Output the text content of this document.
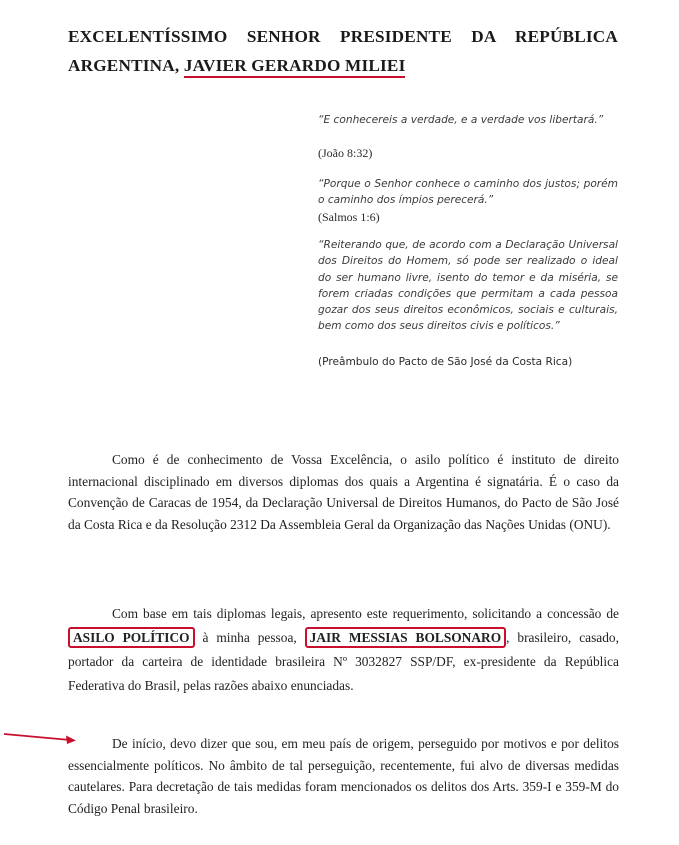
EXCELENTÍSSIMO SENHOR PRESIDENTE DA REPÚBLICA
ARGENTINA, JAVIER GERARDO MILIEI
“E conhecereis a verdade, e a verdade vos libertará.”
(João 8:32)
“Porque o Senhor conhece o caminho dos justos; porém o caminho dos ímpios perecerá.”
(Salmos 1:6)
“Reiterando que, de acordo com a Declaração Universal dos Direitos do Homem, só pode ser realizado o ideal do ser humano livre, isento do temor e da miséria, se forem criadas condições que permitam a cada pessoa gozar dos seus direitos econômicos, sociais e culturais, bem como dos seus direitos civis e políticos.”
(Preâmbulo do Pacto de São José da Costa Rica)
Como é de conhecimento de Vossa Excelência, o asilo político é instituto de direito internacional disciplinado em diversos diplomas dos quais a Argentina é signatária. É o caso da Convenção de Caracas de 1954, da Declaração Universal de Direitos Humanos, do Pacto de São José da Costa Rica e da Resolução 2312 Da Assembleia Geral da Organização das Nações Unidas (ONU).
Com base em tais diplomas legais, apresento este requerimento, solicitando a concessão de ASILO POLÍTICO à minha pessoa, JAIR MESSIAS BOLSONARO , brasileiro, casado, portador da carteira de identidade brasileira Nº 3032827 SSP/DF, ex-presidente da República Federativa do Brasil, pelas razões abaixo enunciadas.
De início, devo dizer que sou, em meu país de origem, perseguido por motivos e por delitos essencialmente políticos. No âmbito de tal perseguição, recentemente, fui alvo de diversas medidas cautelares. Para decretação de tais medidas foram mencionados os delitos dos Arts. 359-I e 359-M do Código Penal brasileiro.
